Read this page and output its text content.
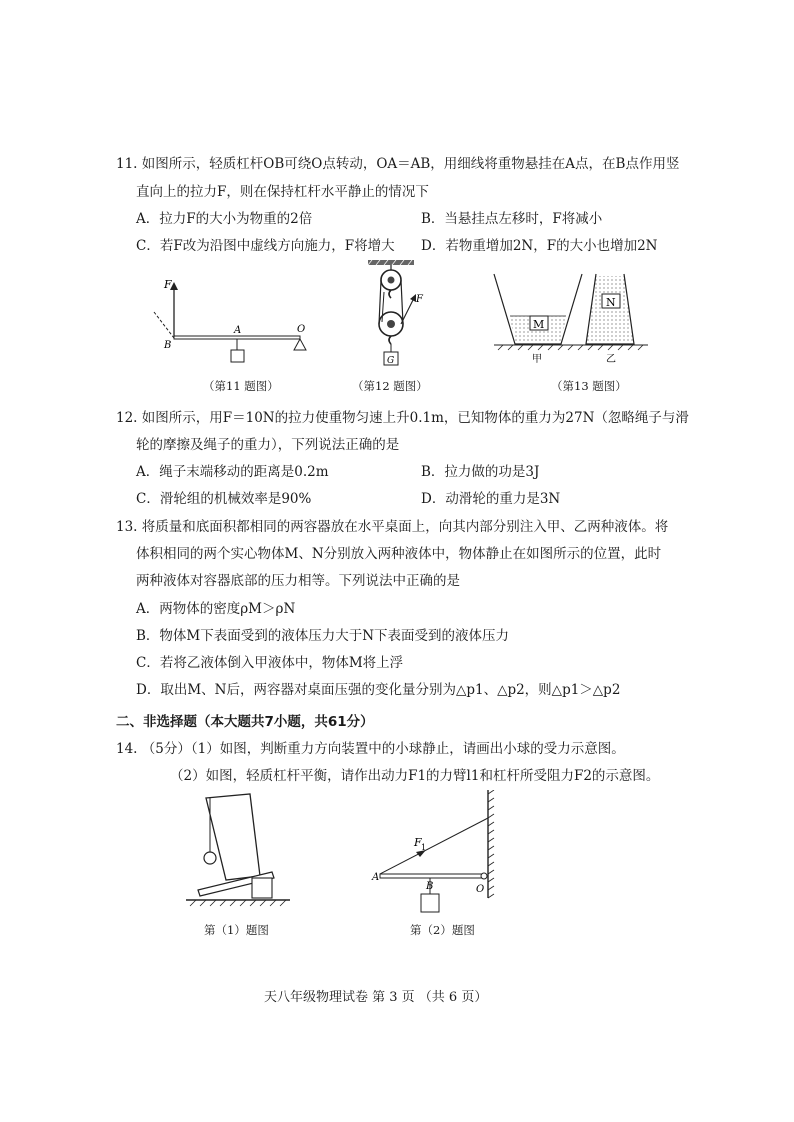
11. 如图所示，轻质杠杆OB可绕O点转动，OA＝AB，用细线将重物悬挂在A点，在B点作用竖
直向上的拉力F，则在保持杠杆水平静止的情况下
A．拉力F的大小为物重的2倍	B．当悬挂点左移时，F将减小
C．若F改为沿图中虚线方向施力，F将增大 D．若物重增加2N，F的大小也增加2N
F
B
A	O
（第11 题图）
F
G
（第12 题图）
M
N
甲	乙
（第13 题图）
12. 如图所示，用F＝10N的拉力使重物匀速上升0.1m，已知物体的重力为27N（忽略绳子与滑
轮的摩擦及绳子的重力），下列说法正确的是
A．绳子末端移动的距离是0.2m	B．拉力做的功是3J
C．滑轮组的机械效率是90%	D．动滑轮的重力是3N
13. 将质量和底面积都相同的两容器放在水平桌面上，向其内部分别注入甲、乙两种液体。将
体积相同的两个实心物体M、N分别放入两种液体中，物体静止在如图所示的位置，此时
两种液体对容器底部的压力相等。下列说法中正确的是
A．两物体的密度ρM＞ρN
B．物体M下表面受到的液体压力大于N下表面受到的液体压力
C．若将乙液体倒入甲液体中，物体M将上浮
D．取出M、N后，两容器对桌面压强的变化量分别为△p1、△p2，则△p1＞△p2
二、非选择题（本大题共7小题，共61分）
14. （5分）（1）如图，判断重力方向装置中的小球静止，请画出小球的受力示意图。
（2）如图，轻质杠杆平衡，请作出动力F1的力臂l1和杠杆所受阻力F2的示意图。
第（1）题图
F 1
A
B	O
第（2）题图
天八年级物理试卷 第 3 页 （共 6 页）
